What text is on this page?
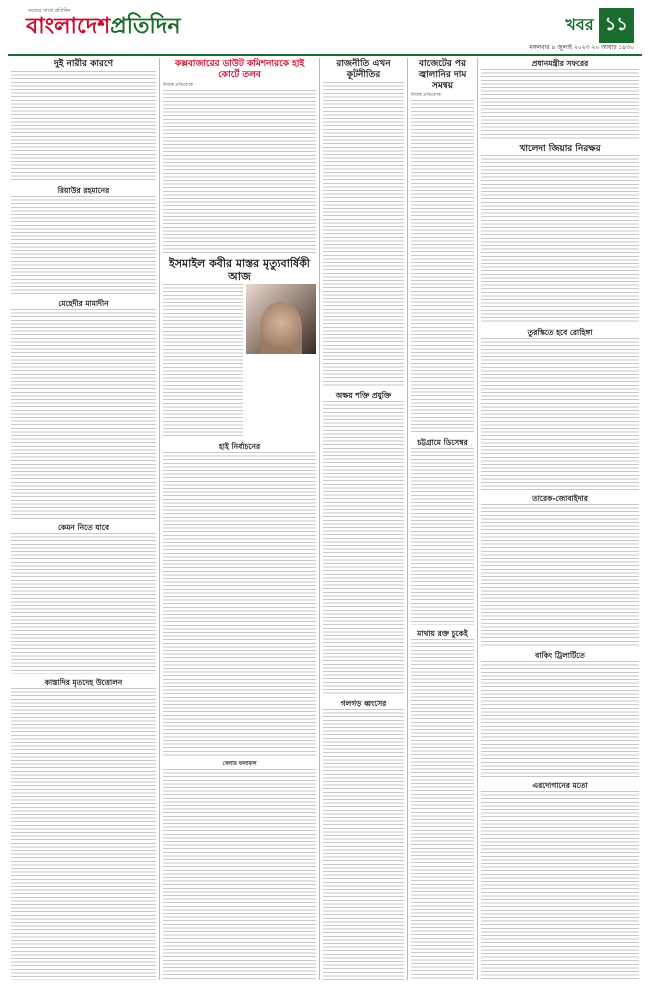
সত্যের সাথে প্রতিদিন
বাংলাদেশপ্রতিদিন	খবর ১১
মঙ্গলবার ৪ জুলাই ২০২৩ ২০ আষাঢ় ১৪৩০
দুই নারীর কারণে
রিয়াউর রহমানের
মেহেদীর মামাদীন
কেমন নিতে যাবে
কাস্তাদির মৃতদেহ উত্তোলন
কক্সবাজারের ডাউট কমিশনারকে হাই কোর্টে তলব
নিজস্ব প্রতিবেদক
ইসমাইল কবীর মাস্তর মৃত্যুবার্ষিকী আজ
হাই নির্বাচনের
খেলার ফলাফল
রাজনীতি এখন কূটনীতির
অক্ষয় শক্তি প্রযুক্তি
গলগড় ধ্বংসের
বাজেটের পর জ্বালানির দাম সমন্বয়
নিজস্ব প্রতিবেদক
চট্টগ্রামে ডিসেম্বর
মাথায় রক্ত চুকেই
প্রধানমন্ত্রীর সফরের
খালেদা জিয়ার নিরক্ষর
তুরস্কিতে হবে রোহিঙ্গা
তারেক-জোবাইদার
বাকিং ট্রিলার্টিতে
এরদোগানের মতো
